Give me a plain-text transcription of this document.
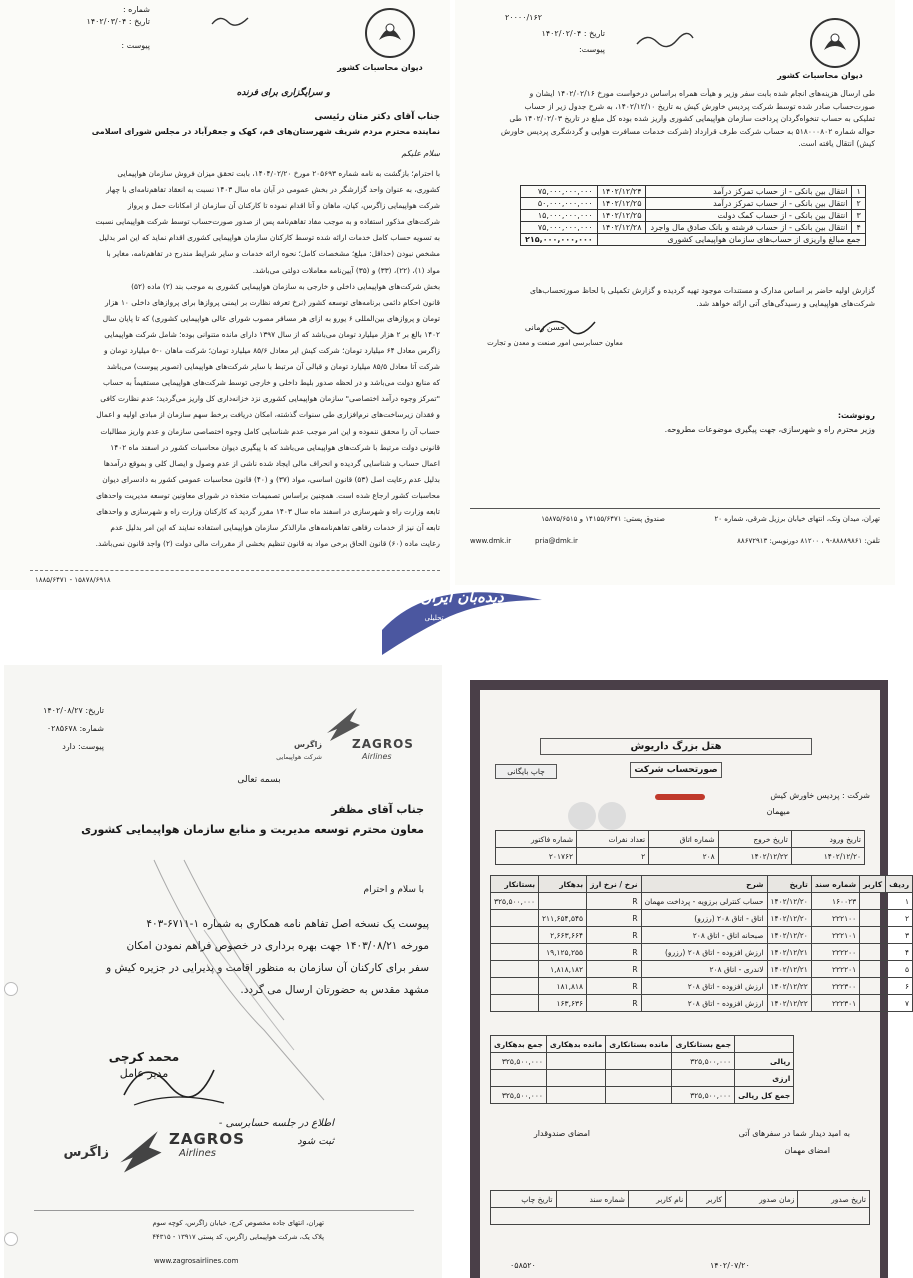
دیوان محاسبات کشور
۲۰۰۰۰/۱۶۲
تاریخ : ۱۴۰۲/۰۲/۰۴
پیوست:
طی ارسال هزینه‌های انجام شده بابت سفر وزیر و هیأت همراه براساس درخواست مورخ ۱۴۰۲/۰۲/۱۶ ایشان و
صورت‌حساب صادر شده توسط شرکت پردیس خاورش کیش به تاریخ ۱۴۰۲/۱۲/۱۰، به شرح جدول زیر از حساب
تملیکی به حساب تنخواه‌گردان پرداخت سازمان هواپیمایی کشوری واریز شده بوده کل مبلغ در تاریخ ۱۴۰۲/۰۲/۰۳ طی
حواله شماره ۵۱۸۰۰۰۸۰۲ به حساب شرکت طرف قرارداد (شرکت خدمات مسافرت هوایی و گردشگری پردیس خاورش
کیش) انتقال یافته است.
۱	انتقال بین بانکی - از حساب تمرکز درآمد	۱۴۰۲/۱۲/۲۴	۷۵,۰۰۰,۰۰۰,۰۰۰
۲	انتقال بین بانکی - از حساب تمرکز درآمد	۱۴۰۲/۱۲/۲۵	۵۰,۰۰۰,۰۰۰,۰۰۰
۳	انتقال بین بانکی - از حساب کمک دولت	۱۴۰۲/۱۲/۲۵	۱۵,۰۰۰,۰۰۰,۰۰۰
۴	انتقال بین بانکی - از حساب فرشته و بانک صادق مال واجرد	۱۴۰۲/۱۲/۲۸	۷۵,۰۰۰,۰۰۰,۰۰۰
جمع مبالغ واریزی از حساب‌های سازمان هواپیمایی کشوری			۲۱۵,۰۰۰,۰۰۰,۰۰۰
گزارش اولیه حاضر بر اساس مدارک و مستندات موجود تهیه گردیده و گزارش تکمیلی با لحاظ صورتحساب‌های
شرکت‌های هواپیمایی و رسیدگی‌های آتی ارائه خواهد شد.
حسن زمانی
معاون حسابرسی امور صنعت و معدن و تجارت
رونوشت:
وزیر محترم راه و شهرسازی، جهت پیگیری موضوعات مطروحه.
تهران، میدان ونک، انتهای خیابان برزیل شرقی، شماره ۲۰
صندوق پستی: ۱۴۱۵۵/۶۴۷۱ و ۱۵۸۷۵/۶۵۱۵
تلفن: ۸۸۸۸۹۸۶۱-۹ ، ۸۱۲۰۰ دورنویس: ۸۸۶۷۲۹۱۳
www.dmk.ir	pria@dmk.ir
شماره :
تاریخ : ۱۴۰۲/۰۳/۰۴
پیوست :
دیوان محاسبات کشور
و سرایگزاری برای فرنده
جناب آقای دکتر متان رئیسی
نماینده محترم مردم شریف شهرستان‌های قم، کهک و جعفرآباد در مجلس شورای اسلامی
سلام علیکم
با احترام؛ بازگشت به نامه شماره ۲۰۵۶۹۳ مورخ ۱۴۰۴/۰۲/۲۰، بابت تحقق میزان فروش سازمان هواپیمایی
کشوری، به عنوان واحد گزارشگر در بخش عمومی در آبان ماه سال ۱۴۰۳ نسبت به انعقاد تفاهم‌نامه‌ای با چهار
شرکت هواپیمایی زاگرس، کیان، ماهان و آتا اقدام نموده تا کارکنان آن سازمان از امکانات حمل و پرواز
شرکت‌های مذکور استفاده و به موجب مفاد تفاهم‌نامه پس از صدور صورت‌حساب توسط شرکت هواپیمایی نسبت
به تسویه حساب کامل خدمات ارائه شده توسط کارکنان سازمان هواپیمایی کشوری اقدام نماید که این امر بدلیل
مشخص نبودن (حداقل: مبلغ؛ مشخصات کامل؛ نحوه ارائه خدمات و سایر شرایط مندرج در تفاهم‌نامه، مغایر با
مواد (۱)، (۲۲)، (۳۳) و (۳۵) آیین‌نامه معاملات دولتی می‌باشد.
بخش شرکت‌های هواپیمایی داخلی و خارجی به سازمان هواپیمایی کشوری به موجب بند (۲) ماده (۵۲)
قانون احکام دائمی برنامه‌های توسعه کشور (نرخ تعرفه نظارت بر ایمنی پروازها برای پروازهای داخلی ۱۰ هزار
تومان و پروازهای بین‌المللی ۶ یورو به ازای هر مسافر مصوب شورای عالی هواپیمایی کشوری) که تا پایان سال
۱۴۰۲ بالغ بر ۲ هزار میلیارد تومان می‌باشد که از سال ۱۳۹۷ دارای مانده متنوانی بوده؛ شامل شرکت هواپیمایی
زاگرس معادل ۶۴ میلیارد تومان؛ شرکت کیش ایر معادل ۸۵/۶ میلیارد تومان؛ شرکت ماهان ۰-۵ میلیارد تومان و
شرکت آتا معادل ۸۵/۵ میلیارد تومان و قبالی آن مرتبط با سایر شرکت‌های هواپیمایی (تصویر پیوست) می‌باشد
که منابع دولت می‌باشد و در لحظه صدور بلیط داخلی و خارجی توسط شرکت‌های هواپیمایی مستقیماً به حساب
"تمرکز وجوه درآمد اختصاصی" سازمان هواپیمایی کشوری نزد خزانه‌داری کل واریز می‌گردید؛ عدم نظارت کافی
و فقدان زیرساخت‌های نرم‌افزاری طی سنوات گذشته، امکان دریافت برخط سهم سازمان از مبادی اولیه و اعمال
حساب آن را محقق ننموده و این امر موجب عدم شناسایی کامل وجوه اختصاصی سازمان و عدم واریز مطالبات
قانونی دولت مرتبط با شرکت‌های هواپیمایی می‌باشد که با پیگیری دیوان محاسبات کشور در اسفند ماه ۱۴۰۲
اعمال حساب و شناسایی گردیده و انحراف مالی ایجاد شده ناشی از عدم وصول و ایصال کلی و بموقع درآمدها
بدلیل عدم رعایت اصل (۵۳) قانون اساسی، مواد (۳۷) و (۴۰) قانون محاسبات عمومی کشور به دادسرای دیوان
محاسبات کشور ارجاع شده است. همچنین براساس تصمیمات متخذه در شورای معاونین توسعه مدیریت واحدهای
تابعه وزارت راه و شهرسازی در اسفند ماه سال ۱۴۰۳ مقرر گردید که کارکنان وزارت راه و شهرسازی و واحدهای
تابعه آن نیز از خدمات رفاهی تفاهم‌نامه‌های مارالذکر سازمان هواپیمایی استفاده نمایند که این امر بدلیل عدم
رعایت ماده (۶۰) قانون الحاق برخی مواد به قانون تنظیم بخشی از مقررات مالی دولت (۲) واجد قانون نمی‌باشد.
۱۸۸۵/۶۴۷۱ - ۱۵۸۷۸/۶۹۱۸
دیده‌بان ایران
پایگاه خبری تحلیلی
تاریخ: ۱۴۰۲/۰۸/۲۷
شماره: ۰۲۸۵۶۷۸
پیوست: دارد	ZAGROS
Airlines
زاگرس
شرکت هواپیمایی
بسمه تعالی
جناب آقای مظفر
معاون محترم توسعه مدیریت و منابع سازمان هواپیمایی کشوری
با سلام و احترام
پیوست یک نسخه اصل تفاهم نامه همکاری به شماره ۱-۶۷۱۱-۴۰۳
مورخه ۱۴۰۳/۰۸/۲۱ جهت بهره برداری در خصوص فراهم نمودن امکان
سفر برای کارکنان آن سازمان به منظور اقامت و پذیرایی در جزیره کیش و
مشهد مقدس به حضورتان ارسال می گردد.
محمد کرچی
مدیر عامل
اطلاع در جلسه حسابرسی - ثبت شود
ZAGROS
Airlines
زاگرس
تهران، انتهای جاده مخصوص کرج، خیابان زاگرس، کوچه سوم
پلاک یک، شرکت هواپیمایی زاگرس، کد پستی ۱۳۹۱۷ - ۴۴۳۱۵
www.zagrosairlines.com
هتل بزرگ داریوش
صورتحساب شرکت
چاپ بایگانی
شرکت : پردیس خاورش کیش
میهمان
تاریخ ورود	تاریخ خروج	شماره اتاق	تعداد نفرات	شماره فاکتور
۱۴۰۲/۱۲/۲۰	۱۴۰۲/۱۲/۲۲	۲۰۸	۲	۲۰۱۷۶۲
ردیف	کاربر	شماره سند	تاریخ	شرح	نرخ / نرخ ارز	بدهکار	بستانکار
۱		۱۶۰۰۲۳	۱۴۰۲/۱۲/۲۰	حساب کنترلی برزویه - پرداخت مهمان	R		۳۲۵,۵۰۰,۰۰۰
۲		۲۲۲۱۰۰	۱۴۰۲/۱۲/۲۰	اتاق - اتاق ۲۰۸ (رزرو)	R	۲۱۱,۶۵۴,۵۴۵	
۳		۲۲۲۱۰۱	۱۴۰۲/۱۲/۲۰	صبحانه اتاق - اتاق ۲۰۸	R	۲,۶۶۳,۶۶۴	
۴		۲۲۲۲۰۰	۱۴۰۲/۱۲/۲۱	ارزش افزوده - اتاق ۲۰۸ (رزرو)	R	۱۹,۱۲۵,۲۵۵	
۵		۲۲۲۲۰۱	۱۴۰۲/۱۲/۲۱	لاندری - اتاق ۲۰۸	R	۱,۸۱۸,۱۸۲	
۶		۲۲۲۳۰۰	۱۴۰۲/۱۲/۲۲	ارزش افزوده - اتاق ۲۰۸	R	۱۸۱,۸۱۸	
۷		۲۲۲۳۰۱	۱۴۰۲/۱۲/۲۲	ارزش افزوده - اتاق ۲۰۸	R	۱۶۳,۶۳۶	
	جمع بستانکاری	مانده بستانکاری	مانده بدهکاری	جمع بدهکاری
ریالی	۳۲۵,۵۰۰,۰۰۰			۳۲۵,۵۰۰,۰۰۰
ارزی				
جمع کل ریالی	۳۲۵,۵۰۰,۰۰۰			۳۲۵,۵۰۰,۰۰۰
به امید دیدار شما در سفرهای آتی
امضای مهمان
امضای صندوقدار
تاریخ صدور	زمان صدور	کاربر	نام کاربر	شماره سند	تاریخ چاپ

۰۵۸۵۲۰	۱۴۰۲/۰۷/۲۰
